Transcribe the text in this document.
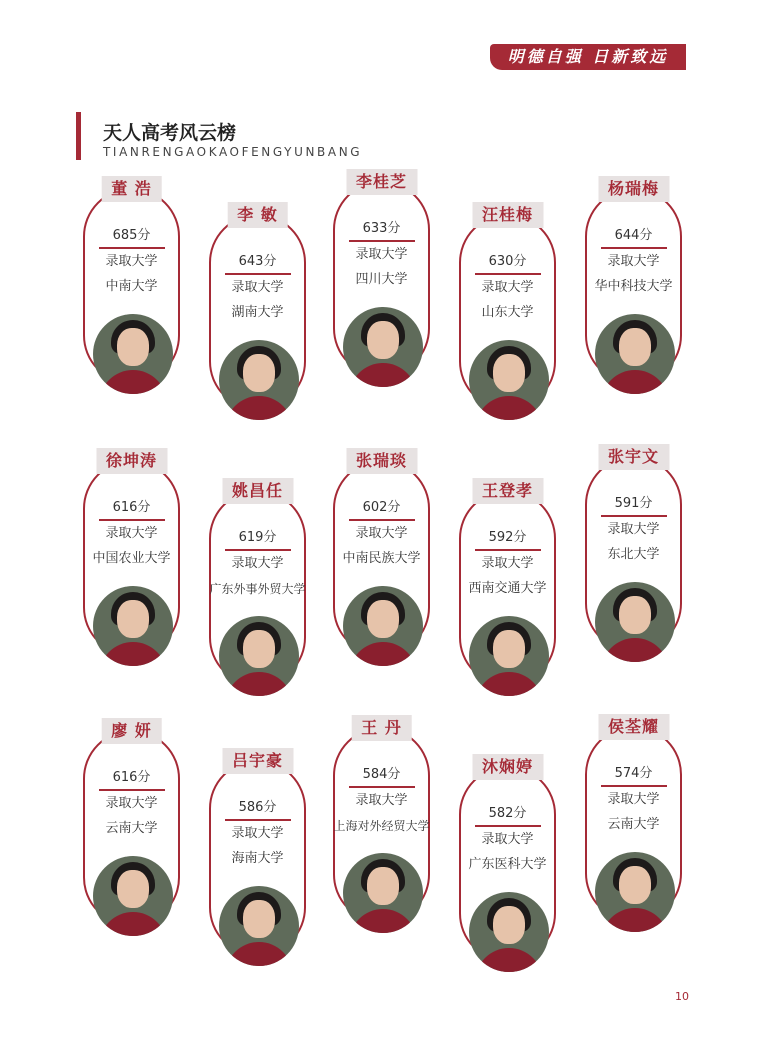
明德自强 日新致远
天人高考风云榜
TIANRENGAOKAOFENGYUNBANG
董 浩
685分
录取大学
中南大学
李 敏
643分
录取大学
湖南大学
李桂芝
633分
录取大学
四川大学
汪桂梅
630分
录取大学
山东大学
杨瑞梅
644分
录取大学
华中科技大学
徐坤涛
616分
录取大学
中国农业大学
姚昌任
619分
录取大学
广东外事外贸大学
张瑞琰
602分
录取大学
中南民族大学
王登孝
592分
录取大学
西南交通大学
张宇文
591分
录取大学
东北大学
廖 妍
616分
录取大学
云南大学
吕宇豪
586分
录取大学
海南大学
王 丹
584分
录取大学
上海对外经贸大学
沐娴婷
582分
录取大学
广东医科大学
侯荃耀
574分
录取大学
云南大学
10
